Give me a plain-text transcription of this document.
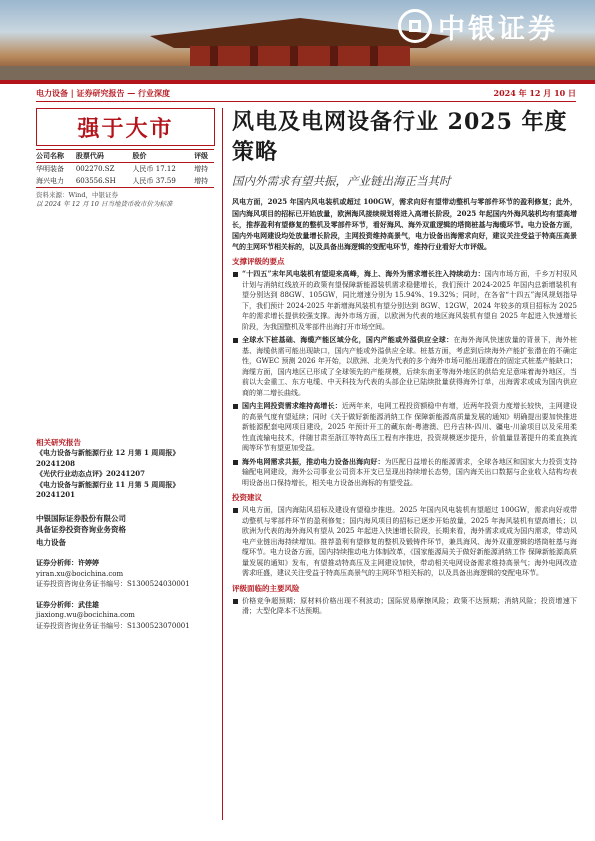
中银证券
电力设备 | 证券研究报告 — 行业深度	2024 年 12 月 10 日
强于大市
公司名称	股票代码	股价	评级
华明装备	002270.SZ	人民币 17.12	增持
海兴电力	603556.SH	人民币 37.59	增持
资料来源：Wind，中银证券
以 2024 年 12 月 10 日当地货币收市价为标准
相关研究报告
《电力设备与新能源行业 12 月第 1 周周报》20241208
《光伏行业动态点评》20241207
《电力设备与新能源行业 11 月第 5 周周报》20241201
中银国际证券股份有限公司
具备证券投资咨询业务资格
电力设备
证券分析师：许婷婷
yiran.xu@bocichina.com
证券投资咨询业务证书编号：S1300524030001
证券分析师：武佳雄
jiaxiong.wu@bocichina.com
证券投资咨询业务证书编号：S1300523070001
风电及电网设备行业 2025 年度策略
国内外需求有望共振，产业链出海正当其时
风电方面，2025 年国内风电装机或超过 100GW，需求向好有望带动整机与零部件环节的盈利修复；此外，国内海风项目的招标已开始放量，欧洲海风接续规划将进入高增长阶段，2025 年起国内外海风装机均有望高增长，推荐盈利有望修复的整机及零部件环节，看好海风、海外双重逻辑的塔筒桩基与海缆环节。电力设备方面，国内外电网建设均处放量增长阶段，主网投资维持高景气，电力设备出海需求向好，建议关注受益于特高压高景气的主网环节相关标的，以及具备出海逻辑的变配电环节，维持行业看好大市评级。
支撑评级的要点
“十四五”末年风电装机有望迎来高峰，海上、海外为需求增长注入持续动力：国内市场方面，千乡万村驭风计划与消纳红线放开的政策有望保障新能源装机需求稳健增长，我们预计 2024-2025 年国内总新增装机有望分别达到 88GW、105GW，同比增速分别为 15.94%、19.32%；同时，在各省“十四五”海风规划指导下，我们预计 2024-2025 年新增海风装机有望分别达到 8GW、12GW，2024 年较多的项目招标为 2025 年的需求增长提供较强支撑。海外市场方面，以欧洲为代表的地区海风装机有望自 2025 年起进入快速增长阶段，为我国整机及零部件出海打开市场空间。
全球水下桩基础、海缆产能区域分化，国内产能或外溢供应全球：在海外海风快速放量的背景下，海外桩基、海缆供需可能出现缺口，国内产能或外溢供应全球。桩基方面，考虑到后续海外产能扩张潜在的不确定性，GWEC 预测 2026 年开始，以欧洲、北美为代表的多个海外市场可能出现潜在的固定式桩基产能缺口；海缆方面，国内地区已形成了全球领先的产能规模，后续东南亚等海外地区的供给充足意味着海外地区，当前以大金重工、东方电缆、中天科技为代表的头部企业已陆续批量获得海外订单，出海需求或成为国内供应商的第二增长曲线。
国内主网投资需求维持高增长：近两年来，电网工程投资额稳中有增，近两年投资力度增长较快，主网建设的高景气度有望延续；同时《关于做好新能源消纳工作 保障新能源高质量发展的通知》明确提出要加快推进新能源配套电网项目建设，2025 年预计开工的藏东南-粤港澳、巴丹吉林-四川、疆电-川渝项目以及采用柔性直流输电技术，伴随甘肃至浙江等特高压工程有序推进，投资规模逐步提升，价值量显著提升的柔直换流阀等环节有望更加受益。
海外电网需求共振，推动电力设备出海向好：为匹配日益增长的能源需求，全球各地区和国家大力投资支持输配电网建设，海外公司事业公司资本开支已呈现出持续增长态势，国内海关出口数据与企业收入结构均表明设备出口保持增长，相关电力设备出海标的有望受益。
投资建议
风电方面，国内海陆风招标及建设有望稳步推进。2025 年国内风电装机有望超过 100GW，需求向好或带动整机与零部件环节的盈利修复；国内海风项目的招标已逐步开始放量，2025 年海风装机有望高增长；以欧洲为代表的海外海风有望从 2025 年起进入快速增长阶段，长期来看，海外需求或成为国内需求，带动风电产业链出海持续增加。推荐盈利有望修复的整机及锻铸件环节，兼具海风、海外双重逻辑的塔筒桩基与海缆环节。电力设备方面，国内持续推动电力体制改革，《国家能源局关于做好新能源消纳工作 保障新能源高质量发展的通知》发布，有望推动特高压及主网建设加快，带动相关电网设备需求维持高景气；海外电网改造需求旺盛，建议关注受益于特高压高景气的主网环节相关标的，以及具备出海逻辑的变配电环节。
评级面临的主要风险
价格竞争超预期；原材料价格出现不利波动；国际贸易摩擦风险；政策不达预期；消纳风险；投资增速下滑；大型化降本不达预期。
